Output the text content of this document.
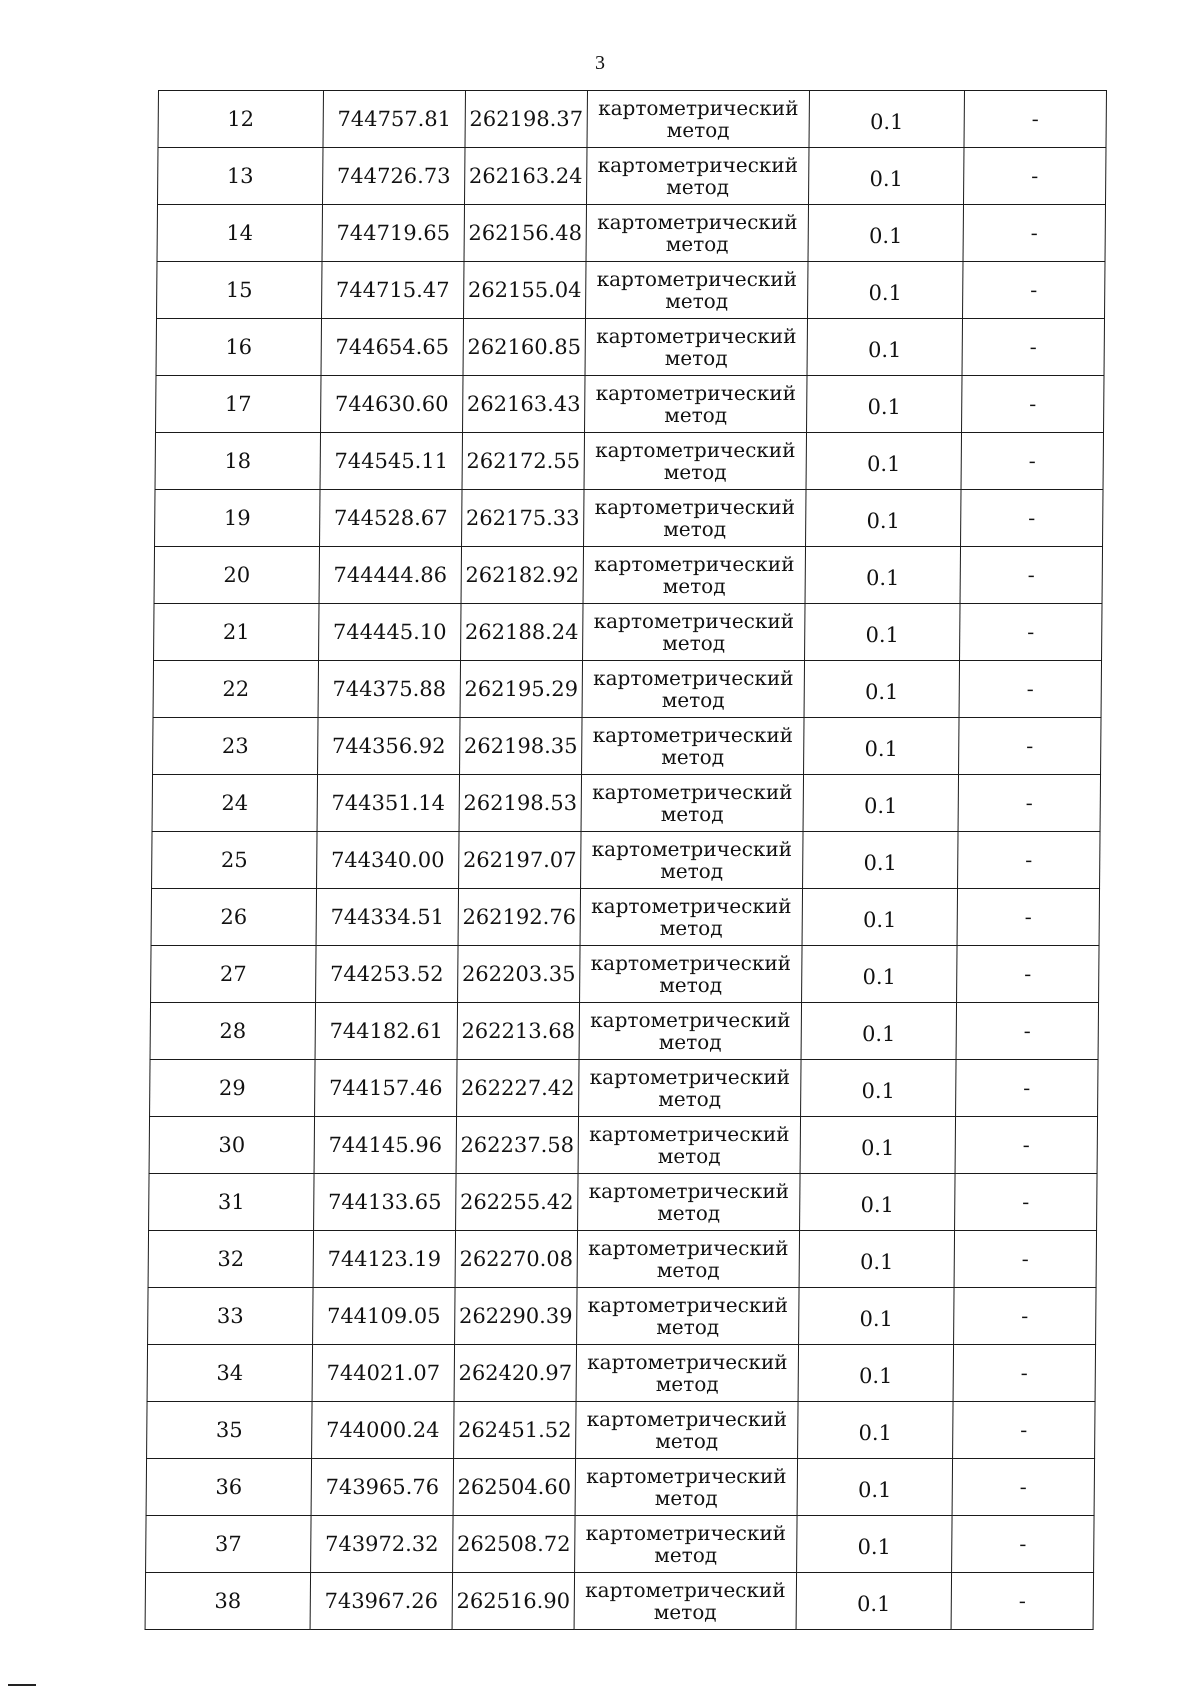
3
12	744757.81	262198.37	картометрический
метод	0.1	-
13	744726.73	262163.24	картометрический
метод	0.1	-
14	744719.65	262156.48	картометрический
метод	0.1	-
15	744715.47	262155.04	картометрический
метод	0.1	-
16	744654.65	262160.85	картометрический
метод	0.1	-
17	744630.60	262163.43	картометрический
метод	0.1	-
18	744545.11	262172.55	картометрический
метод	0.1	-
19	744528.67	262175.33	картометрический
метод	0.1	-
20	744444.86	262182.92	картометрический
метод	0.1	-
21	744445.10	262188.24	картометрический
метод	0.1	-
22	744375.88	262195.29	картометрический
метод	0.1	-
23	744356.92	262198.35	картометрический
метод	0.1	-
24	744351.14	262198.53	картометрический
метод	0.1	-
25	744340.00	262197.07	картометрический
метод	0.1	-
26	744334.51	262192.76	картометрический
метод	0.1	-
27	744253.52	262203.35	картометрический
метод	0.1	-
28	744182.61	262213.68	картометрический
метод	0.1	-
29	744157.46	262227.42	картометрический
метод	0.1	-
30	744145.96	262237.58	картометрический
метод	0.1	-
31	744133.65	262255.42	картометрический
метод	0.1	-
32	744123.19	262270.08	картометрический
метод	0.1	-
33	744109.05	262290.39	картометрический
метод	0.1	-
34	744021.07	262420.97	картометрический
метод	0.1	-
35	744000.24	262451.52	картометрический
метод	0.1	-
36	743965.76	262504.60	картометрический
метод	0.1	-
37	743972.32	262508.72	картометрический
метод	0.1	-
38	743967.26	262516.90	картометрический
метод	0.1	-
